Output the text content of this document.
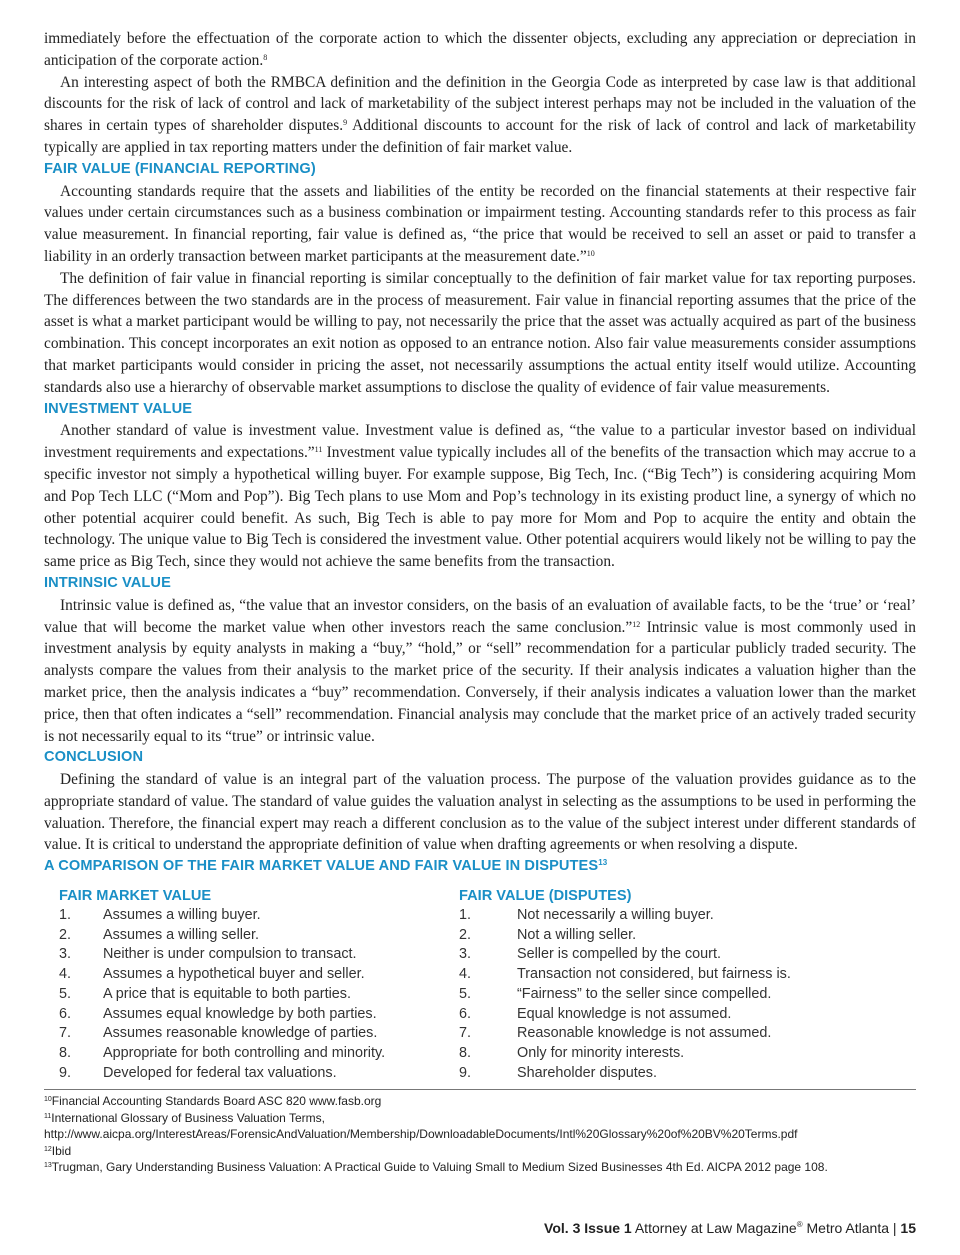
immediately before the effectuation of the corporate action to which the dissenter objects, excluding any appreciation or depreciation in anticipation of the corporate action.$^8$

An interesting aspect of both the RMBCA definition and the definition in the Georgia Code as interpreted by case law is that additional discounts for the risk of lack of control and lack of marketability of the subject interest perhaps may not be included in the valuation of the shares in certain types of shareholder disputes.$^9$ Additional discounts to account for the risk of lack of control and lack of marketability typically are applied in tax reporting matters under the definition of fair market value.

FAIR VALUE (FINANCIAL REPORTING)

Accounting standards require that the assets and liabilities of the entity be recorded on the financial statements at their respective fair values under certain circumstances such as a business combination or impairment testing. Accounting standards refer to this process as fair value measurement. In financial reporting, fair value is defined as, “the price that would be received to sell an asset or paid to transfer a liability in an orderly transaction between market participants at the measurement date.”$^{10}$

The definition of fair value in financial reporting is similar conceptually to the definition of fair market value for tax reporting purposes. The differences between the two standards are in the process of measurement. Fair value in financial reporting assumes that the price of the asset is what a market participant would be willing to pay, not necessarily the price that the asset was actually acquired as part of the business combination. This concept incorporates an exit notion as opposed to an entrance notion. Also fair value measurements consider assumptions that market participants would consider in pricing the asset, not necessarily assumptions the actual entity itself would utilize. Accounting standards also use a hierarchy of observable market assumptions to disclose the quality of evidence of fair value measurements.

INVESTMENT VALUE

Another standard of value is investment value. Investment value is defined as, “the value to a particular investor based on individual investment requirements and expectations.”$^{11}$ Investment value typically includes all of the benefits of the transaction which may accrue to a specific investor not simply a hypothetical willing buyer. For example suppose, Big Tech, Inc. (“Big Tech”) is considering acquiring Mom and Pop Tech LLC (“Mom and Pop”). Big Tech plans to use Mom and Pop’s technology in its existing product line, a synergy of which no other potential acquirer could benefit. As such, Big Tech is able to pay more for Mom and Pop to acquire the entity and obtain the technology. The unique value to Big Tech is considered the investment value. Other potential acquirers would likely not be willing to pay the same price as Big Tech, since they would not achieve the same benefits from the transaction.

INTRINSIC VALUE

Intrinsic value is defined as, “the value that an investor considers, on the basis of an evaluation of available facts, to be the ‘true’ or ‘real’ value that will become the market value when other investors reach the same conclusion.”$^{12}$ Intrinsic value is most commonly used in investment analysis by equity analysts in making a “buy,” “hold,” or “sell” recommendation for a particular publicly traded security. The analysts compare the values from their analysis to the market price of the security. If their analysis indicates a valuation higher than the market price, then the analysis indicates a “buy” recommendation. Conversely, if their analysis indicates a valuation lower than the market price, then that often indicates a “sell” recommendation. Financial analysis may conclude that the market price of an actively traded security is not necessarily equal to its “true” or intrinsic value.

CONCLUSION

Defining the standard of value is an integral part of the valuation process. The purpose of the valuation provides guidance as to the appropriate standard of value. The standard of value guides the valuation analyst in selecting as the assumptions to be used in performing the valuation. Therefore, the financial expert may reach a different conclusion as to the value of the subject interest under different standards of value. It is critical to understand the appropriate definition of value when drafting agreements or when resolving a dispute.

A COMPARISON OF THE FAIR MARKET VALUE AND FAIR VALUE IN DISPUTES$^{13}$
FAIR MARKET VALUE
1.	Assumes a willing buyer.
2.	Assumes a willing seller.
3.	Neither is under compulsion to transact.
4.	Assumes a hypothetical buyer and seller.
5.	A price that is equitable to both parties.
6.	Assumes equal knowledge by both parties.
7.	Assumes reasonable knowledge of parties.
8.	Appropriate for both controlling and minority.
9.	Developed for federal tax valuations.
FAIR VALUE (DISPUTES)
1.	Not necessarily a willing buyer.
2.	Not a willing seller.
3.	Seller is compelled by the court.
4.	Transaction not considered, but fairness is.
5.	“Fairness” to the seller since compelled.
6.	Equal knowledge is not assumed.
7.	Reasonable knowledge is not assumed.
8.	Only for minority interests.
9.	Shareholder disputes.
$^{10}$Financial Accounting Standards Board ASC 820 www.fasb.org
$^{11}$International Glossary of Business Valuation Terms, http://www.aicpa.org/InterestAreas/ForensicAndValuation/Membership/DownloadableDocuments/Intl%20Glossary%20of%20BV%20Terms.pdf
$^{12}$Ibid
$^{13}$Trugman, Gary Understanding Business Valuation: A Practical Guide to Valuing Small to Medium Sized Businesses 4th Ed. AICPA 2012 page 108.
Vol. 3 Issue 1 Attorney at Law Magazine® Metro Atlanta | 15
